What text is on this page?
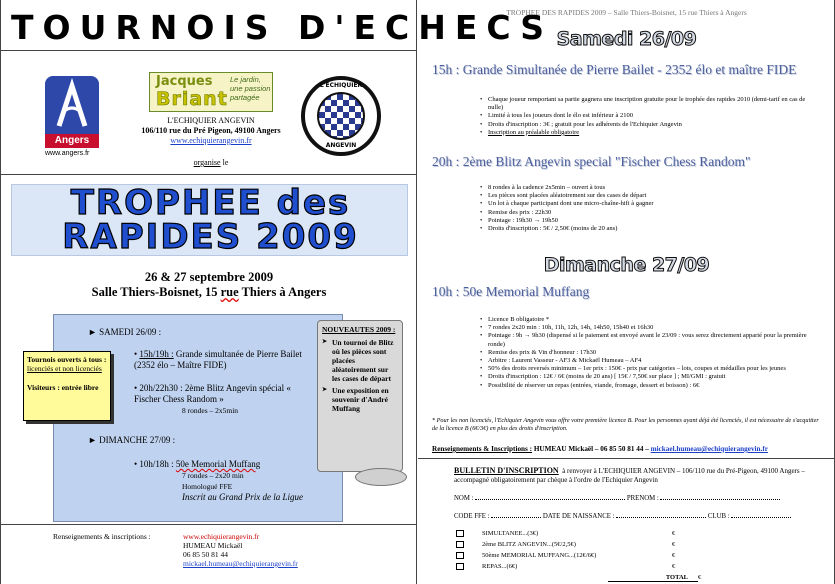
TOURNOIS D'ECHECS
Angers
www.angers.fr
Jacques
Briant
Le jardin, une passion partagée
L'ECHIQUIER ANGEVIN
106/110 rue du Pré Pigeon, 49100 Angers
www.echiquierangevin.fr
organise le
L'ECHIQUIER
ANGEVIN
TROPHEE des
RAPIDES 2009
26 & 27 septembre 2009
Salle Thiers-Boisnet, 15 rue Thiers à Angers
► SAMEDI 26/09 :
• 15h/19h : Grande simultanée de Pierre Bailet (2352 élo – Maître FIDE)
• 20h/22h30 : 2ème Blitz Angevin spécial « Fischer Chess Random »
8 rondes – 2x5min
► DIMANCHE 27/09 :
• 10h/18h : 50e Memorial Muffang
7 rondes – 2x20 min
Homologué FFE
Inscrit au Grand Prix de la Ligue
Tournois ouverts à tous :
licenciés et non licenciés
Visiteurs : entrée libre
NOUVEAUTES 2009 :
➤ Un tournoi de Blitz où les pièces sont placées aléatoirement sur les cases de départ
➤ Une exposition en souvenir d'André Muffang
Renseignements & inscriptions :	www.echiquierangevin.fr
HUMEAU Mickaël
06 85 50 81 44
mickael.humeau@echiquierangevin.fr
TROPHEE DES RAPIDES 2009 – Salle Thiers-Boisnet, 15 rue Thiers à Angers
Samedi 26/09
15h : Grande Simultanée de Pierre Bailet - 2352 élo et maître FIDE
• Chaque joueur remportant sa partie gagnera une inscription gratuite pour le trophée des rapides 2010 (demi-tarif en cas de nulle)
• Limité à tous les joueurs dont le élo est inférieur à 2100
• Droits d'inscription : 3€ ; gratuit pour les adhérents de l'Echiquier Angevin
• Inscription au préalable obligatoire
20h : 2ème Blitz Angevin special "Fischer Chess Random"
• 8 rondes à la cadence 2x5min – ouvert à tous
• Les pièces sont placées aléatoirement sur des cases de départ
• Un lot à chaque participant dont une micro-chaîne-hifi à gagner
• Remise des prix : 22h30
• Pointage : 19h30 → 19h50
• Droits d'inscription : 5€ / 2,50€ (moins de 20 ans)
Dimanche 27/09
10h : 50e Memorial Muffang
• Licence B obligatoire *
• 7 rondes 2x20 min : 10h, 11h, 12h, 14h, 14h50, 15h40 et 16h30
• Pointage : 9h → 9h30 (dispensé si le paiement est envoyé avant le 23/09 : vous serez directement apparié pour la première ronde)
• Remise des prix & Vin d'honneur : 17h30
• Arbitre : Laurent Vasseur - AF3 & Mickaël Humeau – AF4
• 50% des droits reversés minimum – 1er prix : 150€ - prix par catégories – lots, coupes et médailles pour les jeunes
• Droits d'inscription : 12€ / 6€ (moins de 20 ans) [ 15€ / 7,50€ sur place ] ; MI/GMI : gratuit
• Possibilité de réserver un repas (entrées, viande, fromage, dessert et boisson) : 6€
* Pour les non licenciés, l'Echiquier Angevin vous offre votre première licence B. Pour les personnes ayant déjà été licenciés, il est nécessaire de s'acquitter de la licence B (6€/3€) en plus des droits d'inscription.
Renseignements & Inscriptions : HUMEAU Mickaël – 06 85 50 81 44 – mickael.humeau@echiquierangevin.fr
BULLETIN D'INSCRIPTION à renvoyer à L'ECHIQUIER ANGEVIN – 106/110 rue du Pré-Pigeon, 49100 Angers – accompagné obligatoirement par chèque à l'ordre de l'Echiquier Angevin
NOM :	PRENOM :
CODE FFE :	DATE DE NAISSANCE :	CLUB :
SIMULTANEE...(3€)	€
2ème BLITZ ANGEVIN...(5€/2,5€)	€
50ème MEMORIAL MUFFANG...(12€/6€)	€
REPAS...(6€)	€
TOTAL €
